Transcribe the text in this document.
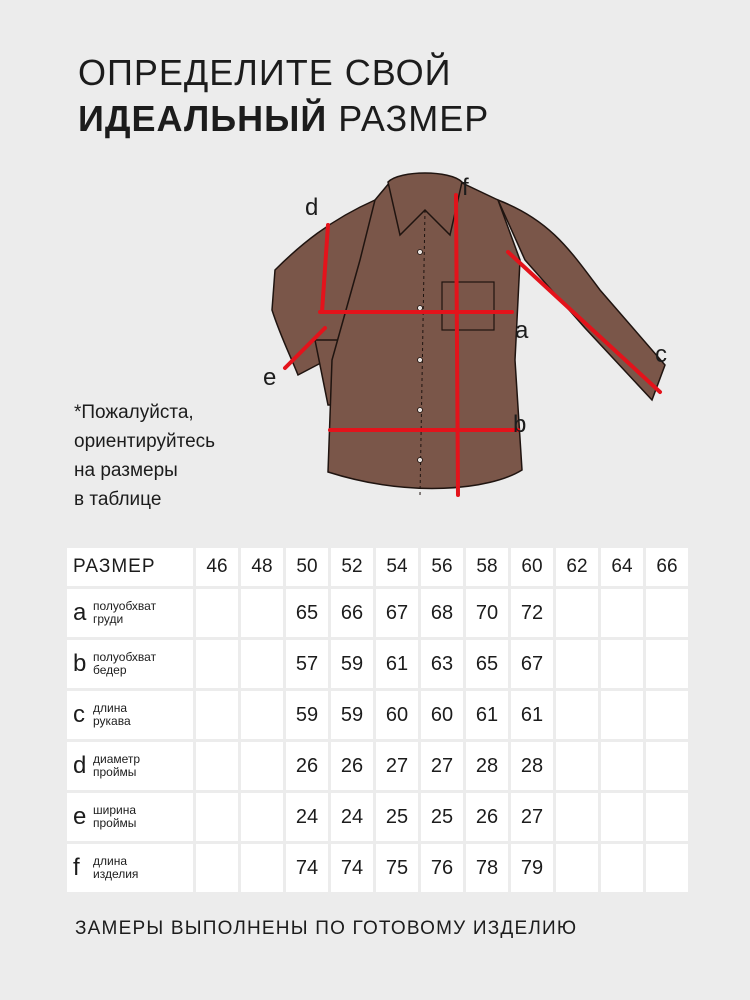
ОПРЕДЕЛИТЕ СВОЙ
ИДЕАЛЬНЫЙ РАЗМЕР
a
b
c
d
e
f
*Пожалуйста,
ориентируйтесь
на размеры
в таблице
РАЗМЕР	46	48	50	52	54	56	58	60	62	64	66
a полуобхват
груди			65	66	67	68	70	72			
b полуобхват
бедер			57	59	61	63	65	67			
c длина
рукава			59	59	60	60	61	61			
d диаметр
проймы			26	26	27	27	28	28			
e ширина
проймы			24	24	25	25	26	27			
f длина
изделия			74	74	75	76	78	79			
ЗАМЕРЫ ВЫПОЛНЕНЫ ПО ГОТОВОМУ ИЗДЕЛИЮ
